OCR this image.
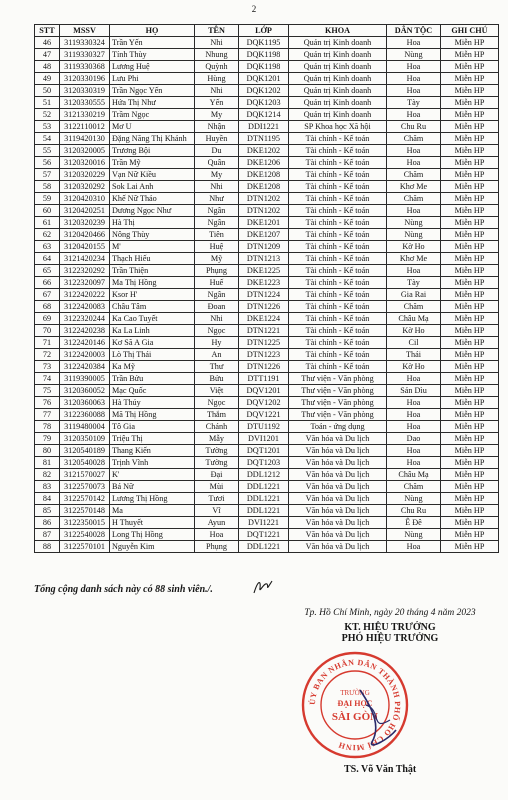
2
STT	MSSV	HỌ	TÊN	LỚP	KHOA	DÂN TỘC	GHI CHÚ
46	3119330324	Trần Yến	Nhi	DQK1195	Quản trị Kinh doanh	Hoa	Miễn HP
47	3119330327	Tính Thùy	Nhung	DQK1198	Quản trị Kinh doanh	Nùng	Miễn HP
48	3119330368	Lương Huệ	Quỳnh	DQK1198	Quản trị Kinh doanh	Hoa	Miễn HP
49	3120330196	Lưu Phi	Hùng	DQK1201	Quản trị Kinh doanh	Hoa	Miễn HP
50	3120330319	Trần Ngọc Yến	Nhi	DQK1202	Quản trị Kinh doanh	Hoa	Miễn HP
51	3120330555	Hứa Thị Như	Yến	DQK1203	Quản trị Kinh doanh	Tày	Miễn HP
52	3121330219	Trầm Ngọc	My	DQK1214	Quản trị Kinh doanh	Hoa	Miễn HP
53	3122110012	Mơ U	Nhận	DDI1221	SP Khoa học Xã hội	Chu Ru	Miễn HP
54	3119420130	Đặng Năng Thị Khánh	Huyền	DTN1195	Tài chính - Kế toán	Chăm	Miễn HP
55	3120320005	Trương Bội	Du	DKE1202	Tài chính - Kế toán	Hoa	Miễn HP
56	3120320016	Trần Mỹ	Quân	DKE1206	Tài chính - Kế toán	Hoa	Miễn HP
57	3120320229	Vạn Nữ Kiều	My	DKE1208	Tài chính - Kế toán	Chăm	Miễn HP
58	3120320292	Sok Lai Anh	Nhi	DKE1208	Tài chính - Kế toán	Khơ Me	Miễn HP
59	3120420310	Khế Nữ Thảo	Như	DTN1202	Tài chính - Kế toán	Chăm	Miễn HP
60	3120420251	Dương Ngọc Như	Ngân	DTN1202	Tài chính - Kế toán	Hoa	Miễn HP
61	3120320239	Hà Thị	Ngân	DKE1201	Tài chính - Kế toán	Nùng	Miễn HP
62	3120420466	Nông Thùy	Tiên	DKE1207	Tài chính - Kế toán	Nùng	Miễn HP
63	3120420155	M'	Huệ	DTN1209	Tài chính - Kế toán	Kờ Ho	Miễn HP
64	3121420234	Thạch Hiếu	Mỹ	DTN1213	Tài chính - Kế toán	Khơ Me	Miễn HP
65	3122320292	Trần Thiện	Phụng	DKE1225	Tài chính - Kế toán	Hoa	Miễn HP
66	3122320097	Ma Thị Hồng	Huế	DKE1223	Tài chính - Kế toán	Tày	Miễn HP
67	3122420222	Ksor H'	Ngân	DTN1224	Tài chính - Kế toán	Gia Rai	Miễn HP
68	3122420083	Châu Tâm	Đoan	DTN1226	Tài chính - Kế toán	Chăm	Miễn HP
69	3122320244	Ka Cao Tuyết	Nhi	DKE1224	Tài chính - Kế toán	Châu Mạ	Miễn HP
70	3122420238	Ka La Linh	Ngọc	DTN1221	Tài chính - Kế toán	Kờ Ho	Miễn HP
71	3122420146	Kơ Sã A Gia	Hy	DTN1225	Tài chính - Kế toán	Cil	Miễn HP
72	3122420003	Lò Thị Thái	An	DTN1223	Tài chính - Kế toán	Thái	Miễn HP
73	3122420384	Ka Mỹ	Thư	DTN1226	Tài chính - Kế toán	Kờ Ho	Miễn HP
74	3119390005	Trần Bửu	Bửu	DTT1191	Thư viện - Văn phòng	Hoa	Miễn HP
75	3120360052	Mạc Quốc	Việt	DQV1201	Thư viện - Văn phòng	Sán Dìu	Miễn HP
76	3120360063	Hà Thúy	Ngọc	DQV1202	Thư viện - Văn phòng	Hoa	Miễn HP
77	3122360088	Mã Thị Hồng	Thắm	DQV1221	Thư viện - Văn phòng	Hoa	Miễn HP
78	3119480004	Tô Gia	Chánh	DTU1192	Toán - ứng dụng	Hoa	Miễn HP
79	3120350109	Triệu Thị	Mẫy	DVI1201	Văn hóa và Du lịch	Dao	Miễn HP
80	3120540189	Thang Kiến	Tường	DQT1201	Văn hóa và Du lịch	Hoa	Miễn HP
81	3120540028	Trịnh Vĩnh	Tường	DQT1203	Văn hóa và Du lịch	Hoa	Miễn HP
82	3121570027	K'	Đại	DDL1212	Văn hóa và Du lịch	Châu Mạ	Miễn HP
83	3122570073	Bá Nữ	Mùi	DDL1221	Văn hóa và Du lịch	Chăm	Miễn HP
84	3122570142	Lương Thị Hồng	Tươi	DDL1221	Văn hóa và Du lịch	Nùng	Miễn HP
85	3122570148	Ma	Vĩ	DDL1221	Văn hóa và Du lịch	Chu Ru	Miễn HP
86	3122350015	H Thuyết	Ayun	DVI1221	Văn hóa và Du lịch	Ê Đê	Miễn HP
87	3122540028	Long Thị Hồng	Hoa	DQT1221	Văn hóa và Du lịch	Nùng	Miễn HP
88	3122570101	Nguyễn Kim	Phụng	DDL1221	Văn hóa và Du lịch	Hoa	Miễn HP
Tổng cộng danh sách này có 88 sinh viên./.
Tp. Hồ Chí Minh, ngày 20 tháng 4 năm 2023
KT. HIỆU TRƯỞNG
PHÓ HIỆU TRƯỞNG
ỦY BAN NHÂN DÂN THÀNH PHỐ HỒ CHÍ MINH
TRƯỜNG
ĐẠI HỌC
SÀI GÒN
TS. Võ Văn Thật
